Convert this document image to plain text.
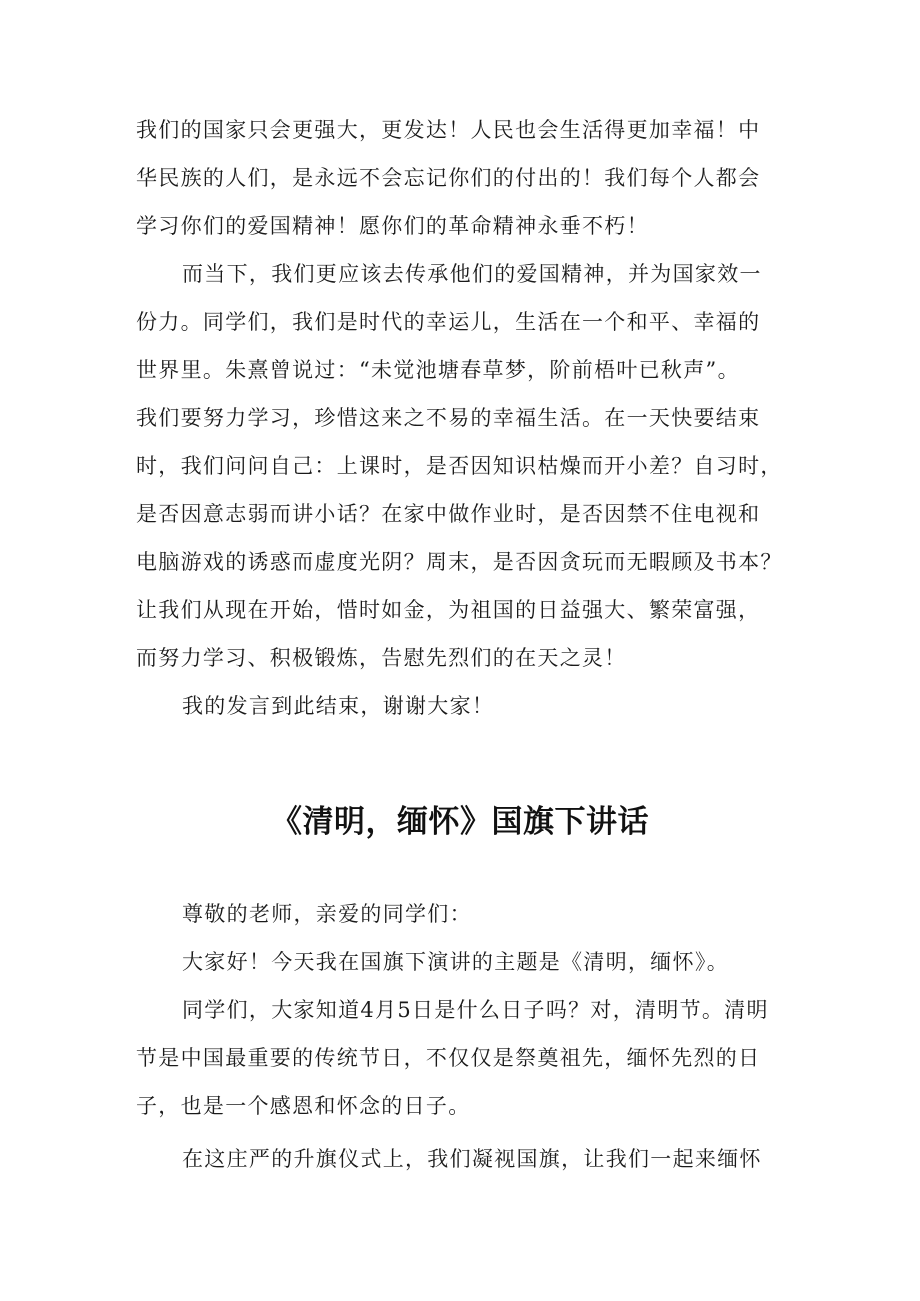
我们的国家只会更强大，更发达！人民也会生活得更加幸福！中
华民族的人们，是永远不会忘记你们的付出的！我们每个人都会
学习你们的爱国精神！愿你们的革命精神永垂不朽！
而当下，我们更应该去传承他们的爱国精神，并为国家效一
份力。同学们，我们是时代的幸运儿，生活在一个和平、幸福的
世界里。朱熹曾说过：“未觉池塘春草梦，阶前梧叶已秋声”。
我们要努力学习，珍惜这来之不易的幸福生活。在一天快要结束
时，我们问问自己：上课时，是否因知识枯燥而开小差？自习时，
是否因意志弱而讲小话？在家中做作业时，是否因禁不住电视和
电脑游戏的诱惑而虚度光阴？周末，是否因贪玩而无暇顾及书本？
让我们从现在开始，惜时如金，为祖国的日益强大、繁荣富强，
而努力学习、积极锻炼，告慰先烈们的在天之灵！
我的发言到此结束，谢谢大家！
《清明，缅怀》国旗下讲话
尊敬的老师，亲爱的同学们：
大家好！今天我在国旗下演讲的主题是《清明，缅怀》。
同学们，大家知道4月5日是什么日子吗？对，清明节。清明
节是中国最重要的传统节日，不仅仅是祭奠祖先，缅怀先烈的日
子，也是一个感恩和怀念的日子。
在这庄严的升旗仪式上，我们凝视国旗，让我们一起来缅怀
